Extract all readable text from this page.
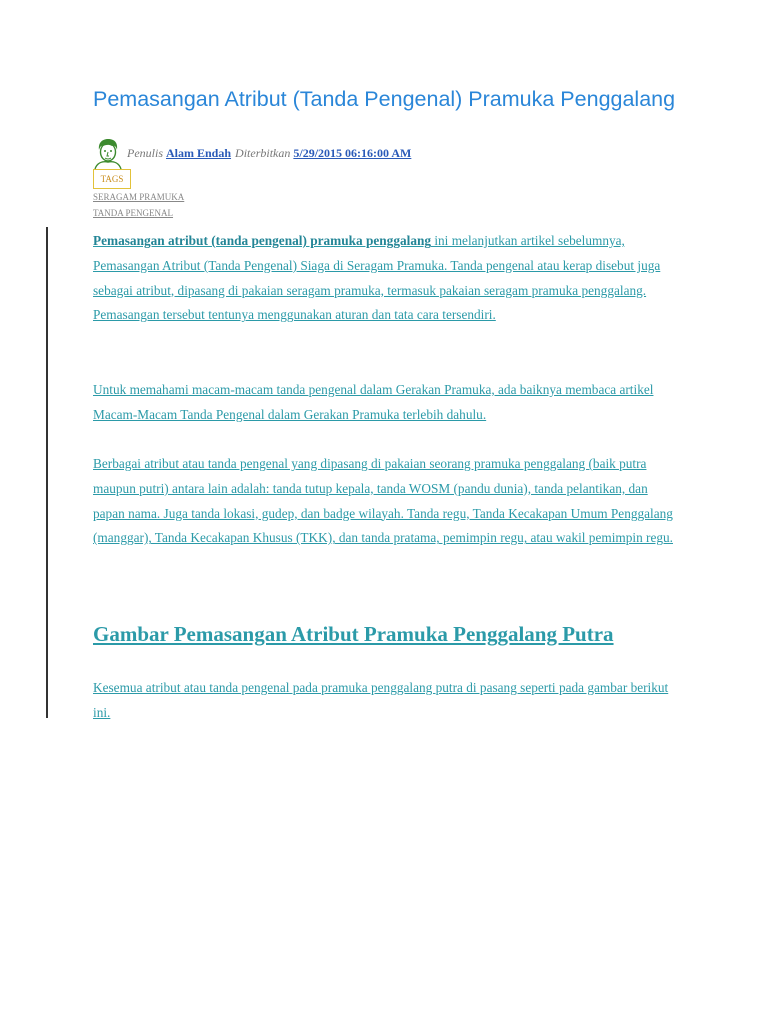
Pemasangan Atribut (Tanda Pengenal) Pramuka Penggalang
Penulis Alam Endah Diterbitkan 5/29/2015 06:16:00 AM
TAGS
SERAGAM PRAMUKA
TANDA PENGENAL

Pemasangan atribut (tanda pengenal) pramuka penggalang ini melanjutkan artikel sebelumnya, Pemasangan Atribut (Tanda Pengenal) Siaga di Seragam Pramuka. Tanda pengenal atau kerap disebut juga sebagai atribut, dipasang di pakaian seragam pramuka, termasuk pakaian seragam pramuka penggalang. Pemasangan tersebut tentunya menggunakan aturan dan tata cara tersendiri.

Untuk memahami macam-macam tanda pengenal dalam Gerakan Pramuka, ada baiknya membaca artikel Macam-Macam Tanda Pengenal dalam Gerakan Pramuka terlebih dahulu.

Berbagai atribut atau tanda pengenal yang dipasang di pakaian seorang pramuka penggalang (baik putra maupun putri) antara lain adalah: tanda tutup kepala, tanda WOSM (pandu dunia), tanda pelantikan, dan papan nama. Juga tanda lokasi, gudep, dan badge wilayah. Tanda regu, Tanda Kecakapan Umum Penggalang (manggar), Tanda Kecakapan Khusus (TKK), dan tanda pratama, pemimpin regu, atau wakil pemimpin regu.

Gambar Pemasangan Atribut Pramuka Penggalang Putra

Kesemua atribut atau tanda pengenal pada pramuka penggalang putra di pasang seperti pada gambar berikut ini.
